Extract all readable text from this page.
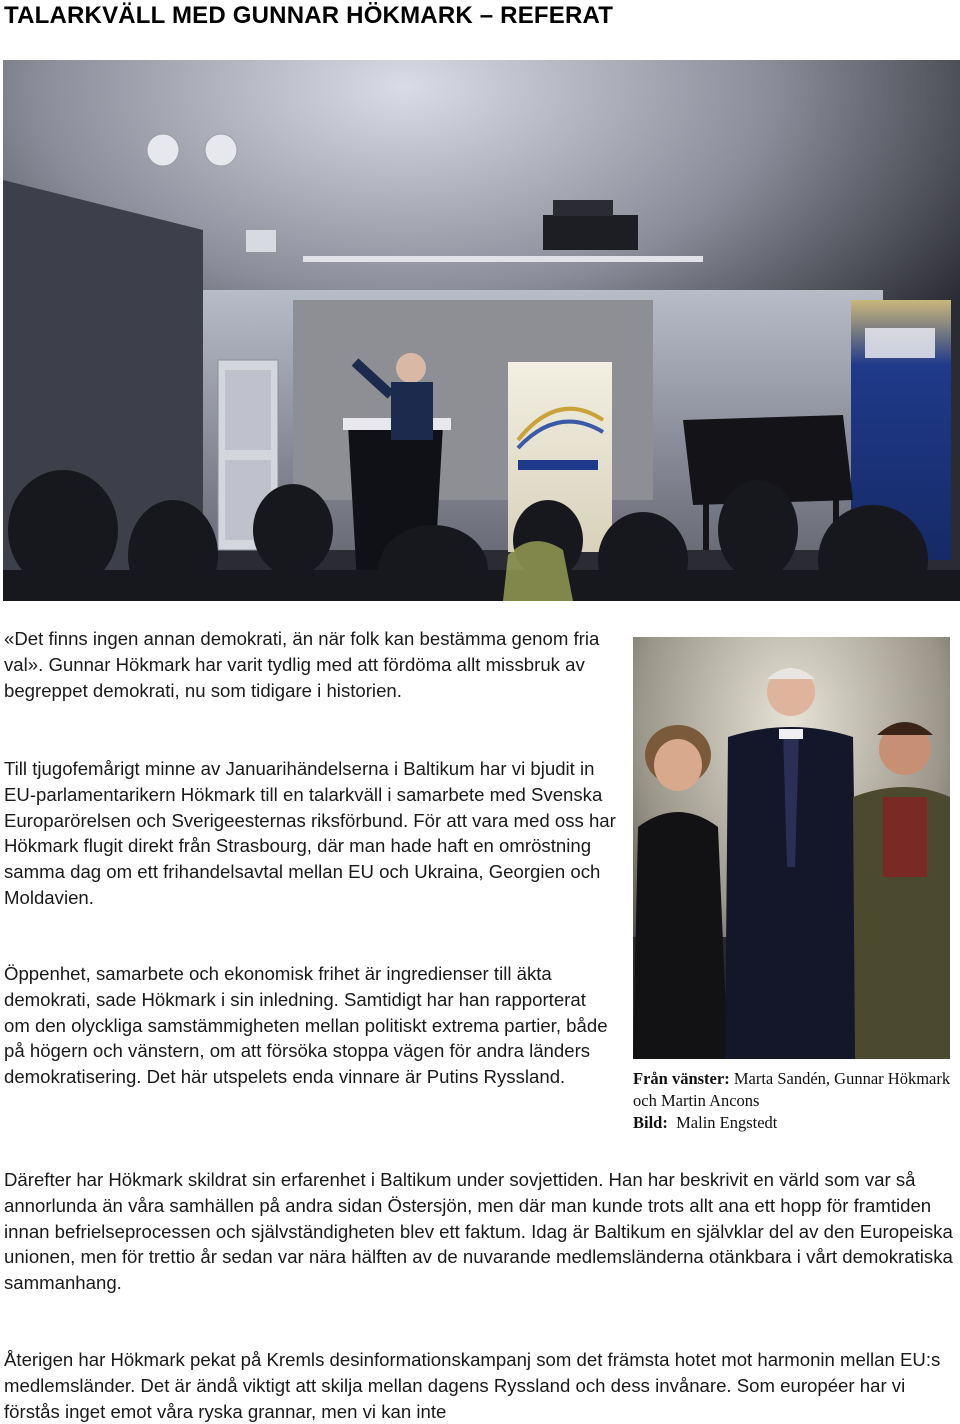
TALARKVÄLL MED GUNNAR HÖKMARK – REFERAT

«Det finns ingen annan demokrati, än när folk kan bestämma genom fria val». Gunnar Hökmark har varit tydlig med att fördöma allt missbruk av begreppet demokrati, nu som tidigare i historien.

Till tjugofemårigt minne av Januarihändelserna i Baltikum har vi bjudit in EU-parlamentarikern Hökmark till en talarkväll i samarbete med Svenska Europarörelsen och Sverigeesternas riksförbund. För att vara med oss har Hökmark flugit direkt från Strasbourg, där man hade haft en omröstning samma dag om ett frihandelsavtal mellan EU och Ukraina, Georgien och Moldavien.

Öppenhet, samarbete och ekonomisk frihet är ingredienser till äkta demokrati, sade Hökmark i sin inledning. Samtidigt har han rapporterat om den olyckliga samstämmigheten mellan politiskt extrema partier, både på högern och vänstern, om att försöka stoppa vägen för andra länders demokratisering. Det här utspelets enda vinnare är Putins Ryssland.	Från vänster: Marta Sandén, Gunnar Hökmark och Martin Ancons
Bild: Malin Engstedt

Därefter har Hökmark skildrat sin erfarenhet i Baltikum under sovjettiden. Han har beskrivit en värld som var så annorlunda än våra samhällen på andra sidan Östersjön, men där man kunde trots allt ana ett hopp för framtiden innan befrielseprocessen och självständigheten blev ett faktum. Idag är Baltikum en självklar del av den Europeiska unionen, men för trettio år sedan var nära hälften av de nuvarande medlemsländerna otänkbara i vårt demokratiska sammanhang.

Återigen har Hökmark pekat på Kremls desinformationskampanj som det främsta hotet mot harmonin mellan EU:s medlemsländer. Det är ändå viktigt att skilja mellan dagens Ryssland och dess invånare. Som européer har vi förstås inget emot våra ryska grannar, men vi kan inte
